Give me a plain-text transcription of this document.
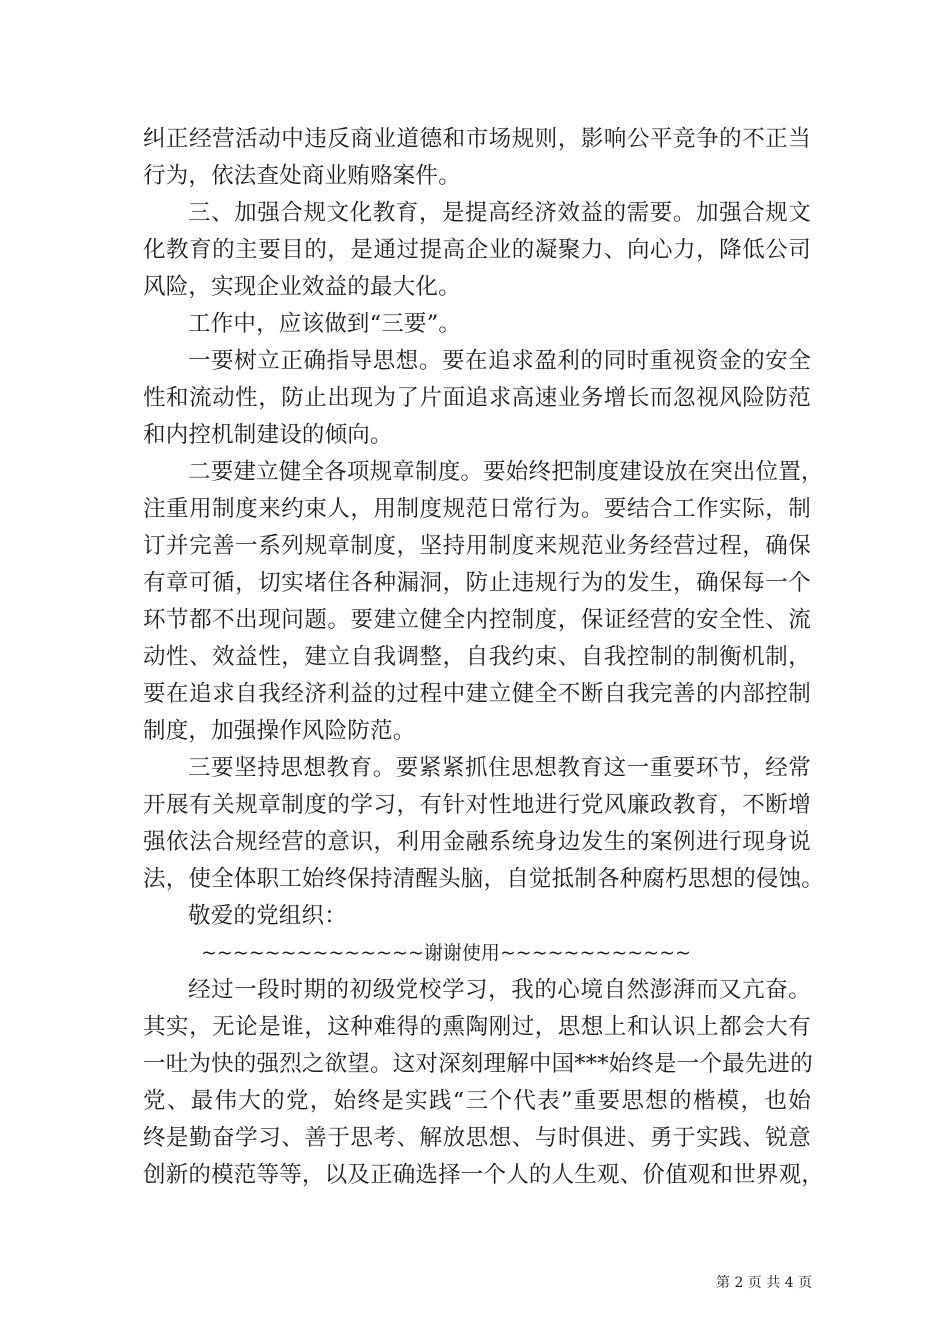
纠正经营活动中违反商业道德和市场规则，影响公平竞争的不正当
行为，依法查处商业贿赂案件。
三、加强合规文化教育，是提高经济效益的需要。加强合规文
化教育的主要目的，是通过提高企业的凝聚力、向心力，降低公司
风险，实现企业效益的最大化。
工作中，应该做到“三要”。
一要树立正确指导思想。要在追求盈利的同时重视资金的安全
性和流动性，防止出现为了片面追求高速业务增长而忽视风险防范
和内控机制建设的倾向。
二要建立健全各项规章制度。要始终把制度建设放在突出位置，
注重用制度来约束人，用制度规范日常行为。要结合工作实际，制
订并完善一系列规章制度，坚持用制度来规范业务经营过程，确保
有章可循，切实堵住各种漏洞，防止违规行为的发生，确保每一个
环节都不出现问题。要建立健全内控制度，保证经营的安全性、流
动性、效益性，建立自我调整，自我约束、自我控制的制衡机制，
要在追求自我经济利益的过程中建立健全不断自我完善的内部控制
制度，加强操作风险防范。
三要坚持思想教育。要紧紧抓住思想教育这一重要环节，经常
开展有关规章制度的学习，有针对性地进行党风廉政教育，不断增
强依法合规经营的意识，利用金融系统身边发生的案例进行现身说
法，使全体职工始终保持清醒头脑，自觉抵制各种腐朽思想的侵蚀。
敬爱的党组织：
~~~~~~~~~~~~~~谢谢使用~~~~~~~~~~~~
经过一段时期的初级党校学习，我的心境自然澎湃而又亢奋。
其实，无论是谁，这种难得的熏陶刚过，思想上和认识上都会大有
一吐为快的强烈之欲望。这对深刻理解中国***始终是一个最先进的
党、最伟大的党，始终是实践“三个代表”重要思想的楷模，也始
终是勤奋学习、善于思考、解放思想、与时俱进、勇于实践、锐意
创新的模范等等，以及正确选择一个人的人生观、价值观和世界观，
第 2 页 共 4 页
